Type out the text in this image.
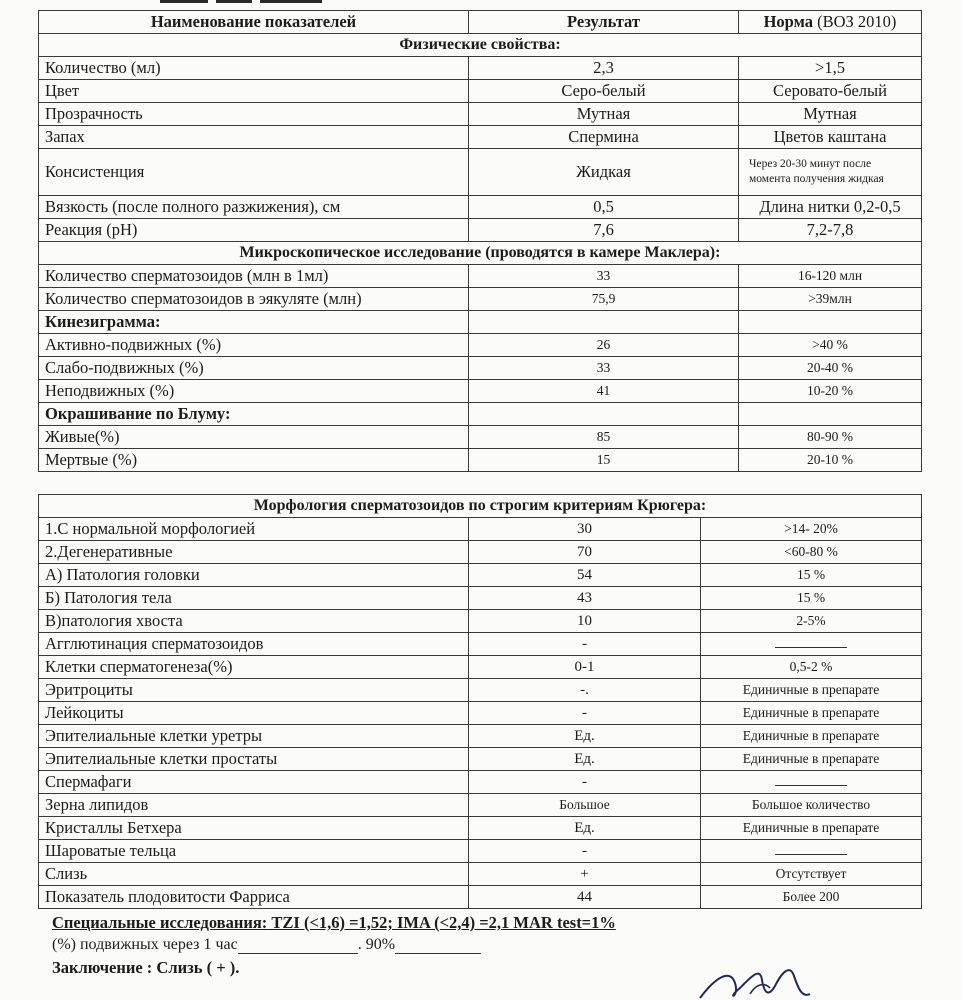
Наименование показателей	Результат	Норма (ВОЗ 2010)
Физические свойства:		
Количество (мл)	2,3	>1,5
Цвет	Серо-белый	Серовато-белый
Прозрачность	Мутная	Мутная
Запах	Спермина	Цветов каштана
Консистенция	Жидкая	Через 20-30 минут после момента получения жидкая
Вязкость (после полного разжижения), см	0,5	Длина нитки 0,2-0,5
Реакция (pH)	7,6	7,2-7,8
Микроскопическое исследование (проводятся в камере Маклера):		
Количество сперматозоидов (млн в 1мл)	33	16-120 млн
Количество сперматозоидов в эякуляте (млн)	75,9	>39млн
Кинезиграмма:		
Активно-подвижных (%)	26	>40 %
Слабо-подвижных (%)	33	20-40 %
Неподвижных (%)	41	10-20 %
Окрашивание по Блуму:		
Живые(%)	85	80-90 %
Мертвые (%)	15	20-10 %
Морфология сперматозоидов по строгим критериям Крюгера:		
1.С нормальной морфологией	30	>14- 20%
2.Дегенеративные	70	<60-80 %
А) Патология головки	54	15 %
Б) Патология тела	43	15 %
В)патология хвоста	10	2-5%
Агглютинация сперматозоидов	-	
Клетки сперматогенеза(%)	0-1	0,5-2 %
Эритроциты	-.	Единичные в препарате
Лейкоциты	-	Единичные в препарате
Эпителиальные клетки уретры	Ед.	Единичные в препарате
Эпителиальные клетки простаты	Ед.	Единичные в препарате
Спермафаги	-	
Зерна липидов	Большое	Большое количество
Кристаллы Бетхера	Ед.	Единичные в препарате
Шароватые тельца	-	
Слизь	+	Отсутствует
Показатель плодовитости Фарриса	44	Более 200
Специальные исследования: TZI (<1,6) =1,52; IMA (<2,4) =2,1 MAR test=1%
(%) подвижных через 1 час	. 90%
Заключение : Слизь ( + ).
